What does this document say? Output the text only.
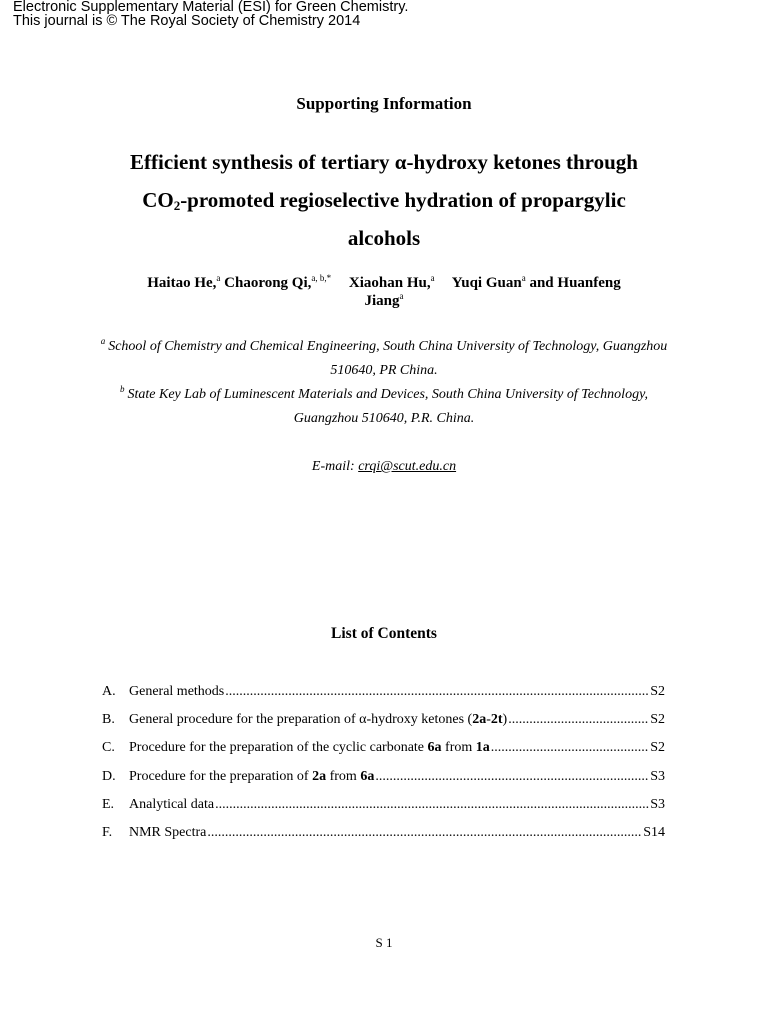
Electronic Supplementary Material (ESI) for Green Chemistry.
This journal is © The Royal Society of Chemistry 2014
Supporting Information
Efficient synthesis of tertiary α-hydroxy ketones through
$CO_2$-promoted regioselective hydration of propargylic
alcohols
Haitao He,$^a$ Chaorong Qi,$^{a, b,*}$ Xiaohan Hu,$^a$ Yuqi Guan$^a$ and Huanfeng
Jiang$^a$
$^a$ School of Chemistry and Chemical Engineering, South China University of Technology, Guangzhou 510640, PR China.
$^b$ State Key Lab of Luminescent Materials and Devices, South China University of Technology, Guangzhou 510640, P.R. China.
E-mail: crqi@scut.edu.cn
List of Contents
A. General methods .....	S2
B.	General procedure for the preparation of α-hydroxy ketones (2a-2t) .....	S2
C.	Procedure for the preparation of the cyclic carbonate 6a from 1a .....	S2
D. Procedure for the preparation of 2a from 6a .....	S3
E.	Analytical data .....	S3
F.	NMR Spectra .....	S14
S 1
